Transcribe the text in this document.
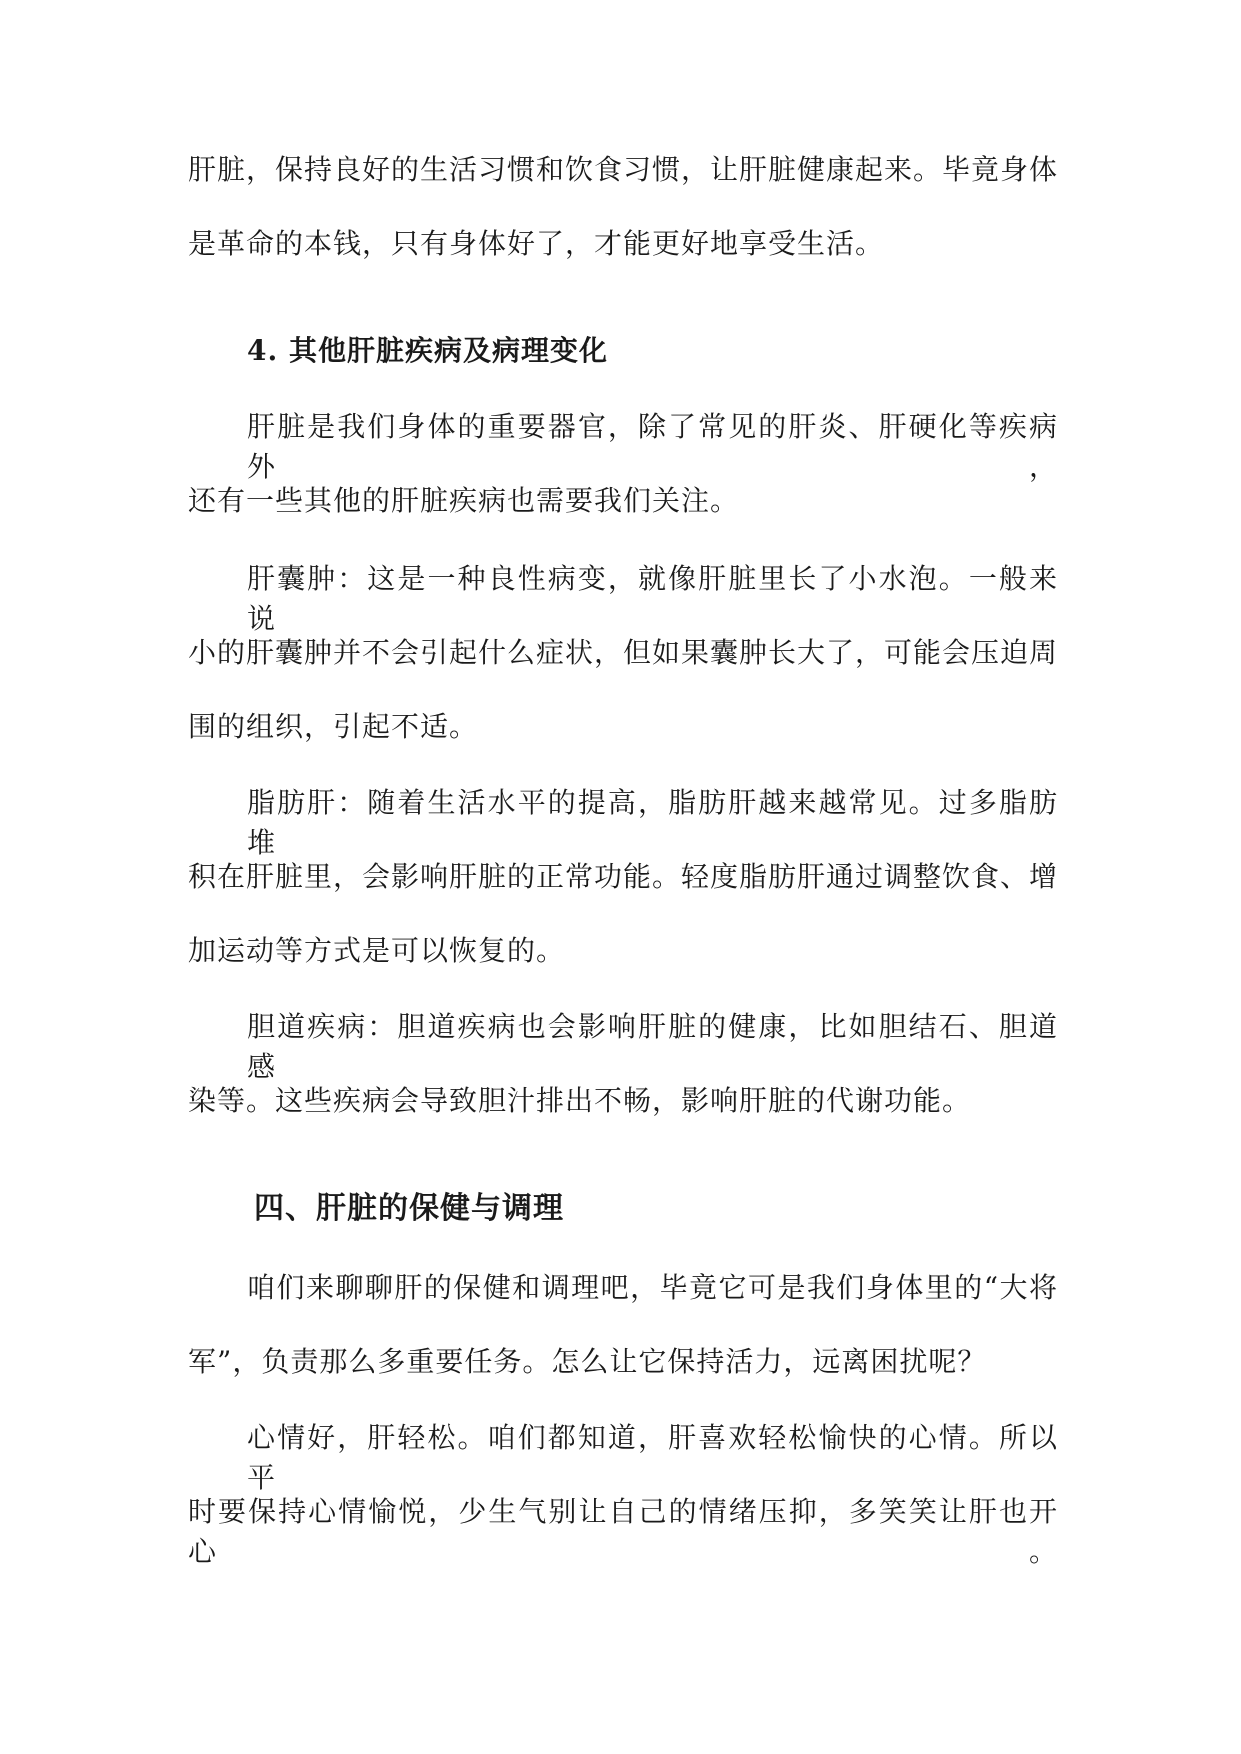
肝脏，保持良好的生活习惯和饮食习惯，让肝脏健康起来。毕竟身体
是革命的本钱，只有身体好了，才能更好地享受生活。
4. 其他肝脏疾病及病理变化
肝脏是我们身体的重要器官，除了常见的肝炎、肝硬化等疾病外，
还有一些其他的肝脏疾病也需要我们关注。
肝囊肿：这是一种良性病变，就像肝脏里长了小水泡。一般来说
小的肝囊肿并不会引起什么症状，但如果囊肿长大了，可能会压迫周
围的组织，引起不适。
脂肪肝：随着生活水平的提高，脂肪肝越来越常见。过多脂肪堆
积在肝脏里，会影响肝脏的正常功能。轻度脂肪肝通过调整饮食、增
加运动等方式是可以恢复的。
胆道疾病：胆道疾病也会影响肝脏的健康，比如胆结石、胆道感
染等。这些疾病会导致胆汁排出不畅，影响肝脏的代谢功能。
四、肝脏的保健与调理
咱们来聊聊肝的保健和调理吧，毕竟它可是我们身体里的“大将
军”，负责那么多重要任务。怎么让它保持活力，远离困扰呢？
心情好，肝轻松。咱们都知道，肝喜欢轻松愉快的心情。所以平
时要保持心情愉悦，少生气别让自己的情绪压抑，多笑笑让肝也开心。
